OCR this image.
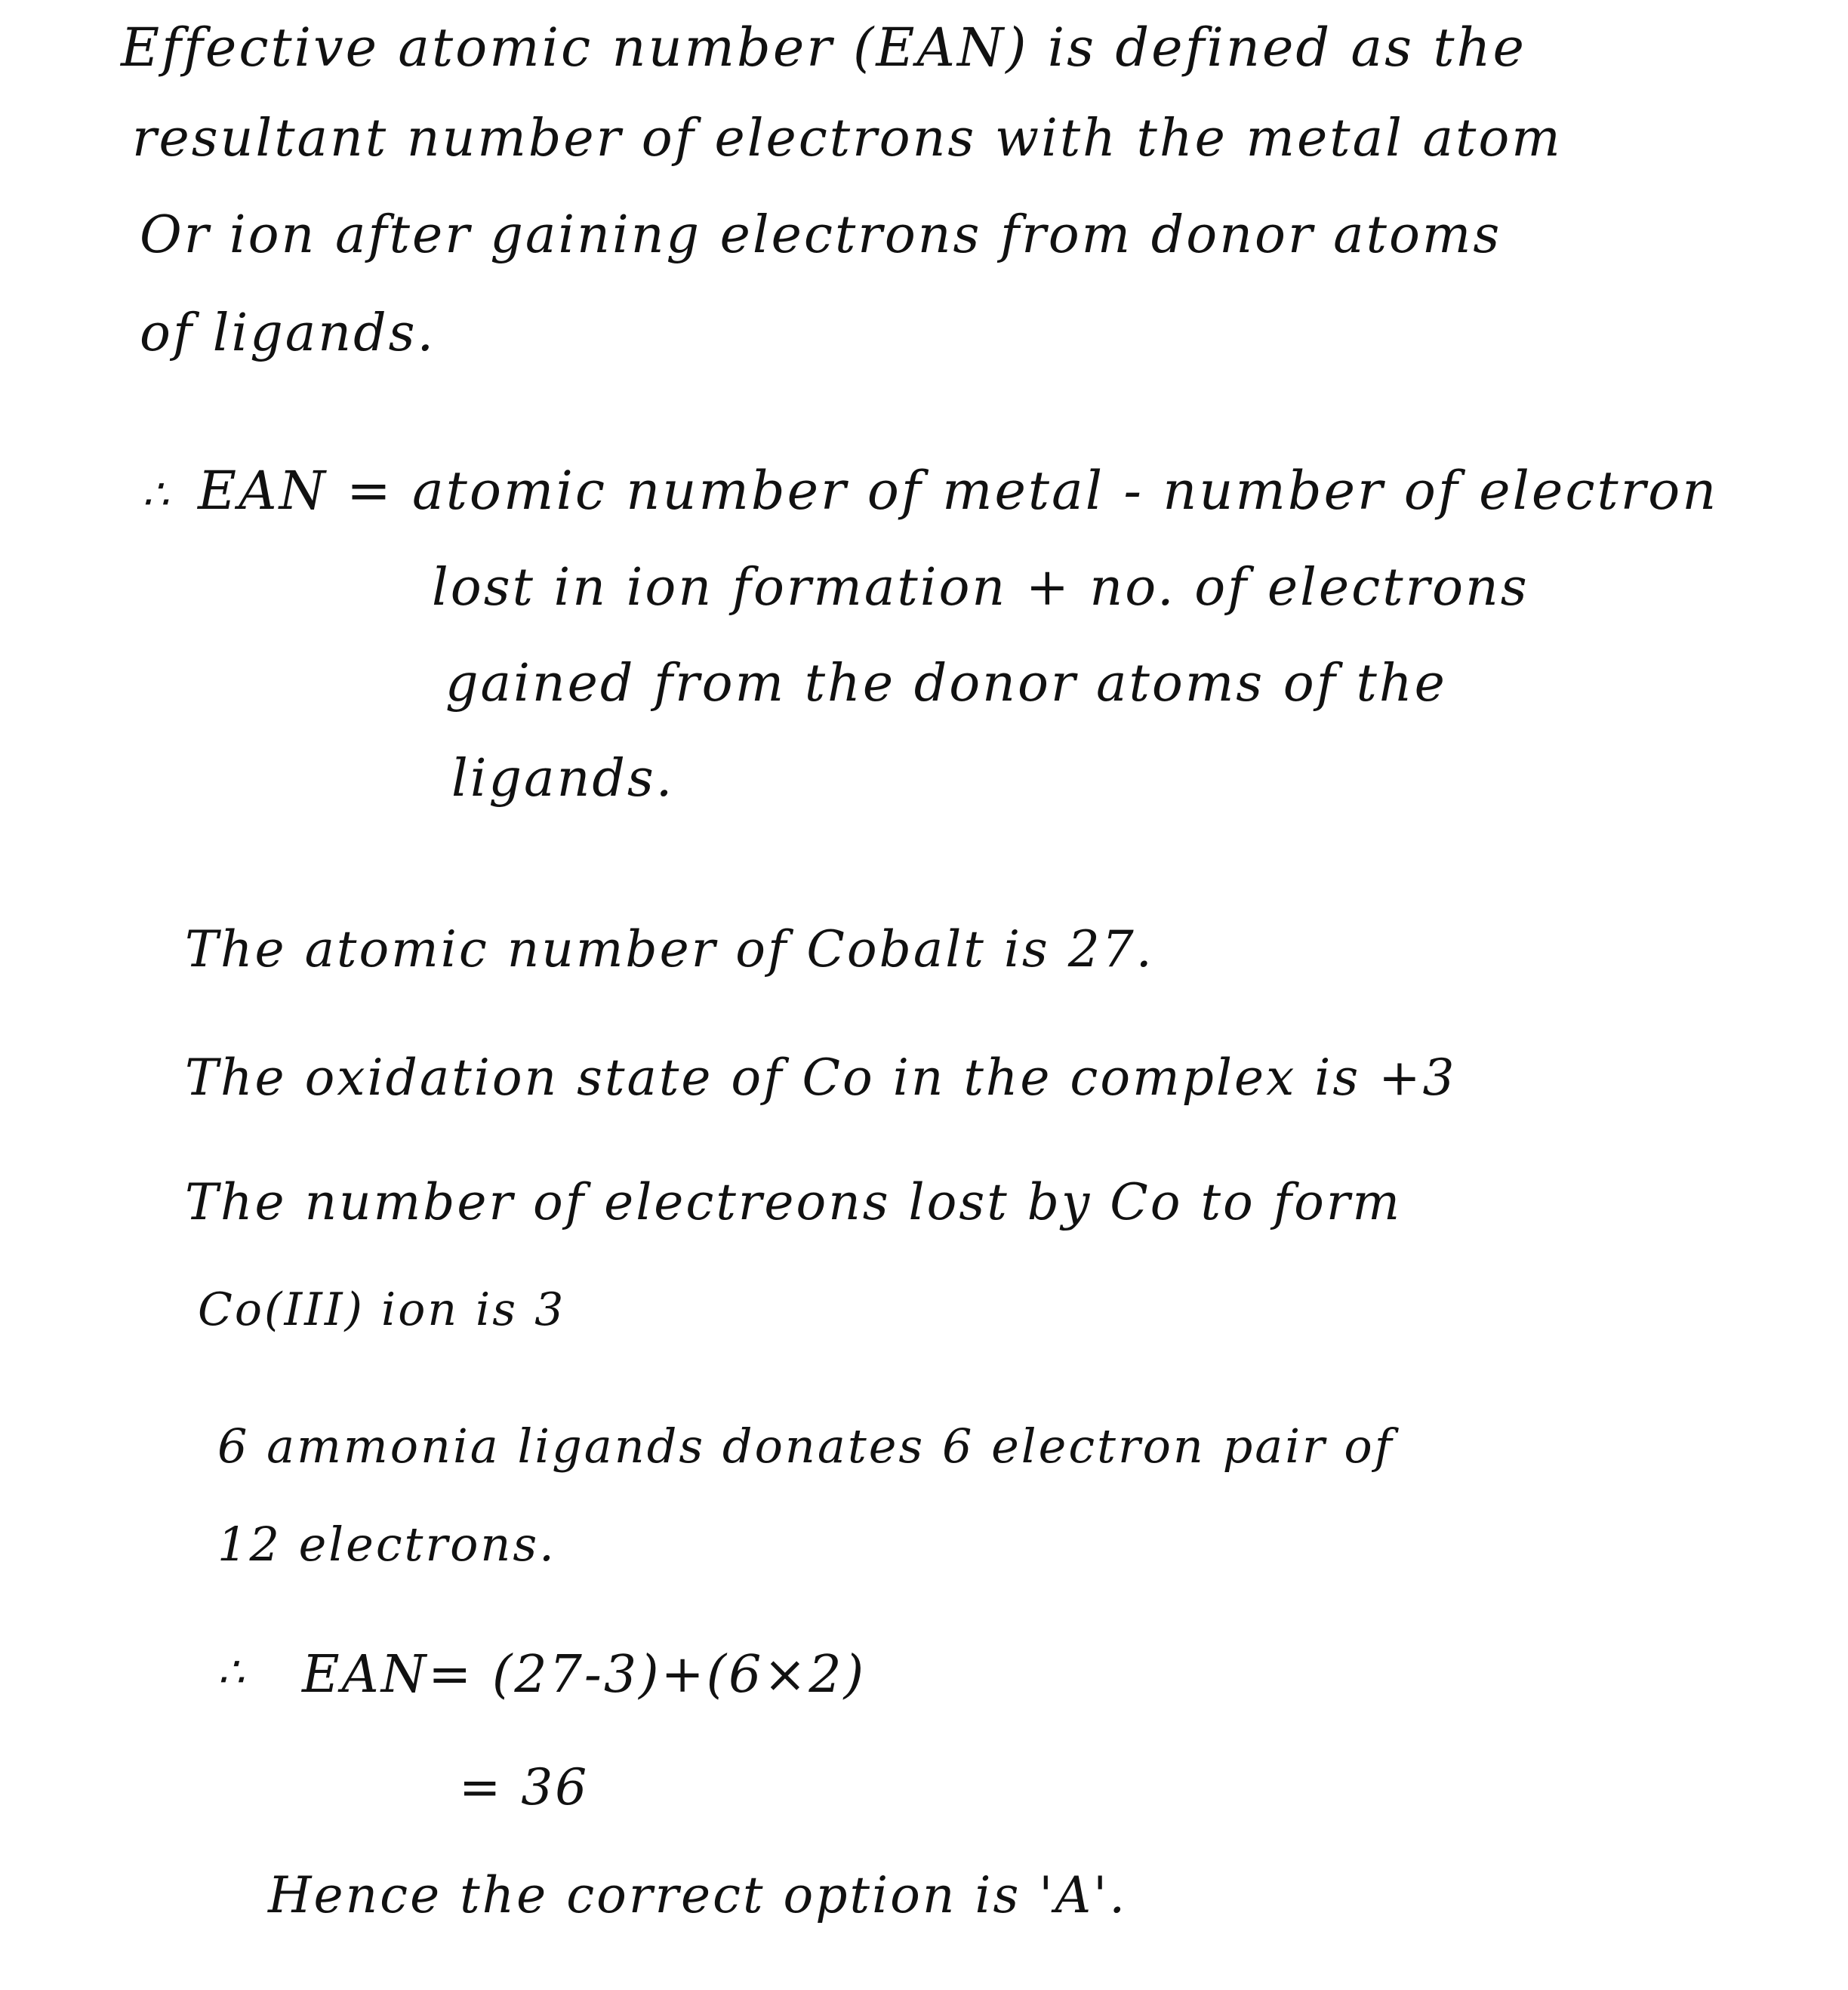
Effective atomic number (EAN) is defined as the
resultant number of electrons with the metal atom
Or ion after gaining electrons from donor atoms
of ligands.
∴ EAN = atomic number of metal - number of electron
lost in ion formation + no. of electrons
gained from the donor atoms of the
ligands.
The atomic number of Cobalt is 27.
The oxidation state of Co in the complex is +3
The number of electreons lost by Co to form
Co(III) ion is 3
6 ammonia ligands donates 6 electron pair of
12 electrons.
∴ EAN= (27-3)+(6×2)
= 36
Hence the correct option is 'A'.
